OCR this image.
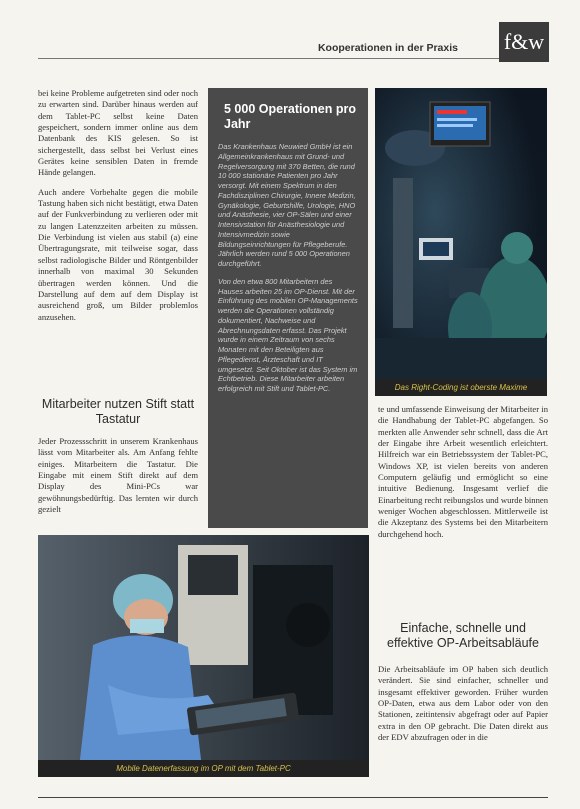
Kooperationen in der Praxis f&w

bei keine Probleme aufgetreten sind oder noch zu erwarten sind. Darüber hinaus werden auf dem Tablet-PC selbst keine Daten gespeichert, sondern immer online aus dem Datenbank des KIS gelesen. So ist sichergestellt, dass selbst bei Verlust eines Gerätes keine sensiblen Daten in fremde Hände gelangen.

Auch andere Vorbehalte gegen die mobile Tastung haben sich nicht bestätigt, etwa Daten auf der Funkverbindung zu verlieren oder mit zu langen Latenzzeiten arbeiten zu müssen. Die Verbindung ist vielen aus stabil (a) eine Übertragungsrate, mit teilweise sogar, dass selbst radiologische Bilder und Röntgenbilder innerhalb von maximal 30 Sekunden übertragen werden können. Und die Darstellung auf dem auf dem Display ist ausreichend groß, um Bilder problemlos anzusehen.

Mitarbeiter nutzen Stift statt Tastatur

Jeder Prozessschritt in unserem Krankenhaus lässt vom Mitarbeiter als. Am Anfang fehlte einiges. Mitarbeitern die Tastatur. Die Eingabe mit einem Stift direkt auf dem Display des Mini-PCs war gewöhnungsbedürftig. Das lernten wir durch gezielt

5 000 Operationen pro Jahr

Das Krankenhaus Neuwied GmbH ist ein Allgemeinkrankenhaus mit Grund- und Regelversorgung mit 370 Betten, die rund 10 000 stationäre Patienten pro Jahr versorgt. Mit einem Spektrum in den Fachdisziplinen Chirurgie, Innere Medizin, Gynäkologie, Geburtshilfe, Urologie, HNO und Anästhesie, vier OP-Sälen und einer Intensivstation für Anästhesiologie und Intensivmedizin sowie Bildungseinrichtungen für Pflegeberufe. Jährlich werden rund 5 000 Operationen durchgeführt.

Von den etwa 800 Mitarbeitern des Hauses arbeiten 25 im OP-Dienst. Mit der Einführung des mobilen OP-Managements werden die Operationen vollständig dokumentiert, Nachweise und Abrechnungsdaten erfasst. Das Projekt wurde in einem Zeitraum von sechs Monaten mit den Beteiligten aus Pflegedienst, Ärzteschaft und IT umgesetzt. Seit Oktober ist das System im Echtbetrieb. Diese Mitarbeiter arbeiten erfolgreich mit Stift und Tablet-PC.	Das Right-Coding ist oberste Maxime
Mobile Datenerfassung im OP mit dem Tablet-PC

te und umfassende Einweisung der Mitarbeiter in die Handhabung der Tablet-PC abgefangen. So merkten alle Anwender sehr schnell, dass die Art der Eingabe ihre Arbeit wesentlich erleichtert. Hilfreich war ein Betriebssystem der Tablet-PC, Windows XP, ist vielen bereits von anderen Computern geläufig und ermöglicht so eine intuitive Bedienung. Insgesamt verlief die Einarbeitung recht reibungslos und wurde binnen weniger Wochen abgeschlossen. Mittlerweile ist die Akzeptanz des Systems bei den Mitarbeitern durchgehend hoch.

Einfache, schnelle und effektive OP-Arbeitsabläufe

Die Arbeitsabläufe im OP haben sich deutlich verändert. Sie sind einfacher, schneller und insgesamt effektiver geworden. Früher wurden OP-Daten, etwa aus dem Labor oder von den Stationen, zeitintensiv abgefragt oder auf Papier extra in den OP gebracht. Die Daten direkt aus der EDV abzufragen oder in die
